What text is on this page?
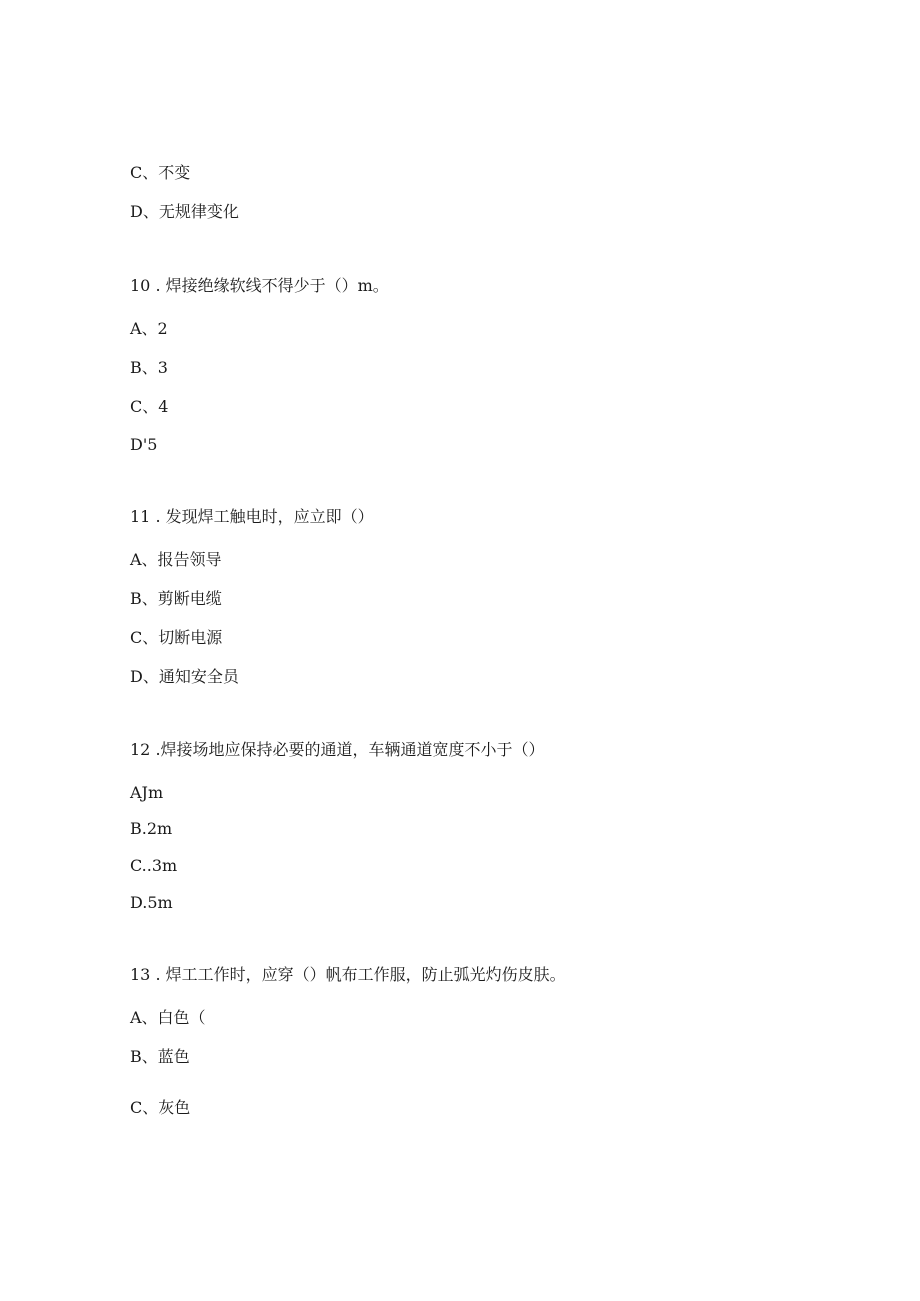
C、不变
D、无规律变化
10 . 焊接绝缘软线不得少于（）m。
A、2
B、3
C、4
D'5
11 . 发现焊工触电时，应立即（）
A、报告领导
B、剪断电缆
C、切断电源
D、通知安全员
12 .焊接场地应保持必要的通道，车辆通道宽度不小于（）
AJm
B.2m
C..3m
D.5m
13 . 焊工工作时，应穿（）帆布工作服，防止弧光灼伤皮肤。
A、白色（
B、蓝色
C、灰色
